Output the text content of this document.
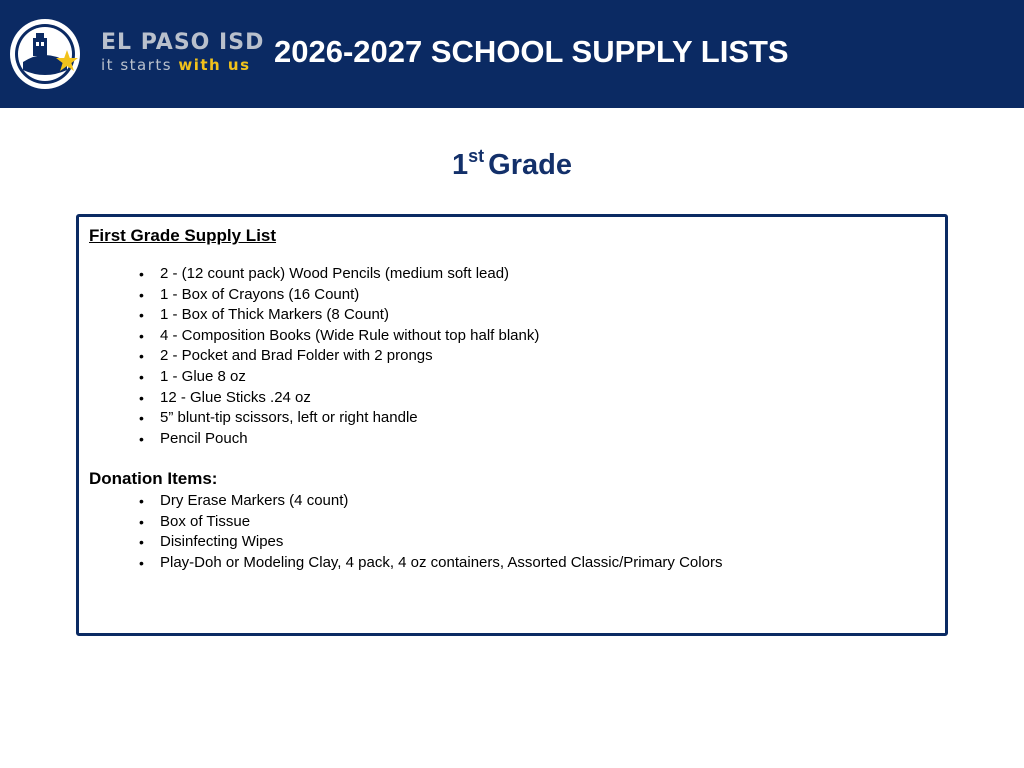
EL PASO ISD
it starts with us 2026-2027 SCHOOL SUPPLY LISTS
1st Grade
First Grade Supply List
• 2 - (12 count pack) Wood Pencils (medium soft lead)
• 1 - Box of Crayons (16 Count)
• 1 - Box of Thick Markers (8 Count)
• 4 - Composition Books (Wide Rule without top half blank)
• 2 - Pocket and Brad Folder with 2 prongs
• 1 - Glue 8 oz
• 12 - Glue Sticks .24 oz
• 5” blunt-tip scissors, left or right handle
• Pencil Pouch
Donation Items:
• Dry Erase Markers (4 count)
• Box of Tissue
• Disinfecting Wipes
• Play-Doh or Modeling Clay, 4 pack, 4 oz containers, Assorted Classic/Primary Colors
